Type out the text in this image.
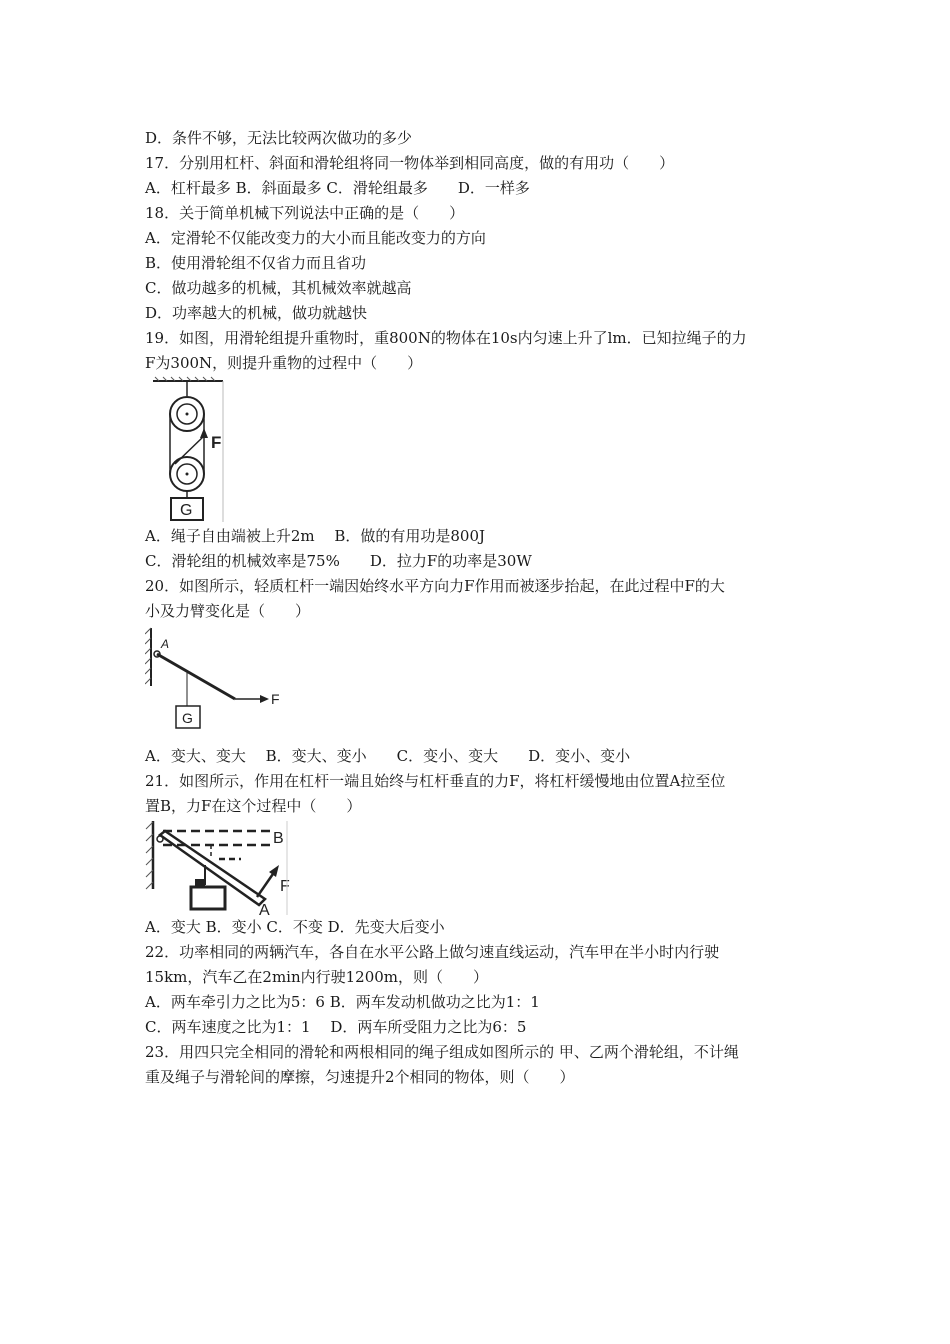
D．条件不够，无法比较两次做功的多少
17．分别用杠杆、斜面和滑轮组将同一物体举到相同高度，做的有用功（　　）
A．杠杆最多 B．斜面最多 C．滑轮组最多　　D．一样多
18．关于简单机械下列说法中正确的是（　　）
A．定滑轮不仅能改变力的大小而且能改变力的方向
B．使用滑轮组不仅省力而且省功
C．做功越多的机械，其机械效率就越高
D．功率越大的机械，做功就越快
19．如图，用滑轮组提升重物时，重800N的物体在10s内匀速上升了lm．已知拉绳子的力
F为300N，则提升重物的过程中（　　）
F
G
A．绳子自由端被上升2m　 B．做的有用功是800J
C．滑轮组的机械效率是75%　　D．拉力F的功率是30W
20．如图所示，轻质杠杆一端因始终水平方向力F作用而被逐步抬起，在此过程中F的大
小及力臂变化是（　　）
A
G
F
A．变大、变大　 B．变大、变小　　C．变小、变大　　D．变小、变小
21．如图所示，作用在杠杆一端且始终与杠杆垂直的力F，将杠杆缓慢地由位置A拉至位
置B，力F在这个过程中（　　）
B
F
A
A．变大 B．变小 C．不变 D．先变大后变小
22．功率相同的两辆汽车，各自在水平公路上做匀速直线运动，汽车甲在半小时内行驶
15km，汽车乙在2min内行驶1200m，则（　　）
A．两车牵引力之比为5：6 B．两车发动机做功之比为1：1
C．两车速度之比为1：1　 D．两车所受阻力之比为6：5
23．用四只完全相同的滑轮和两根相同的绳子组成如图所示的 甲、乙两个滑轮组，不计绳
重及绳子与滑轮间的摩擦，匀速提升2个相同的物体，则（　　）
